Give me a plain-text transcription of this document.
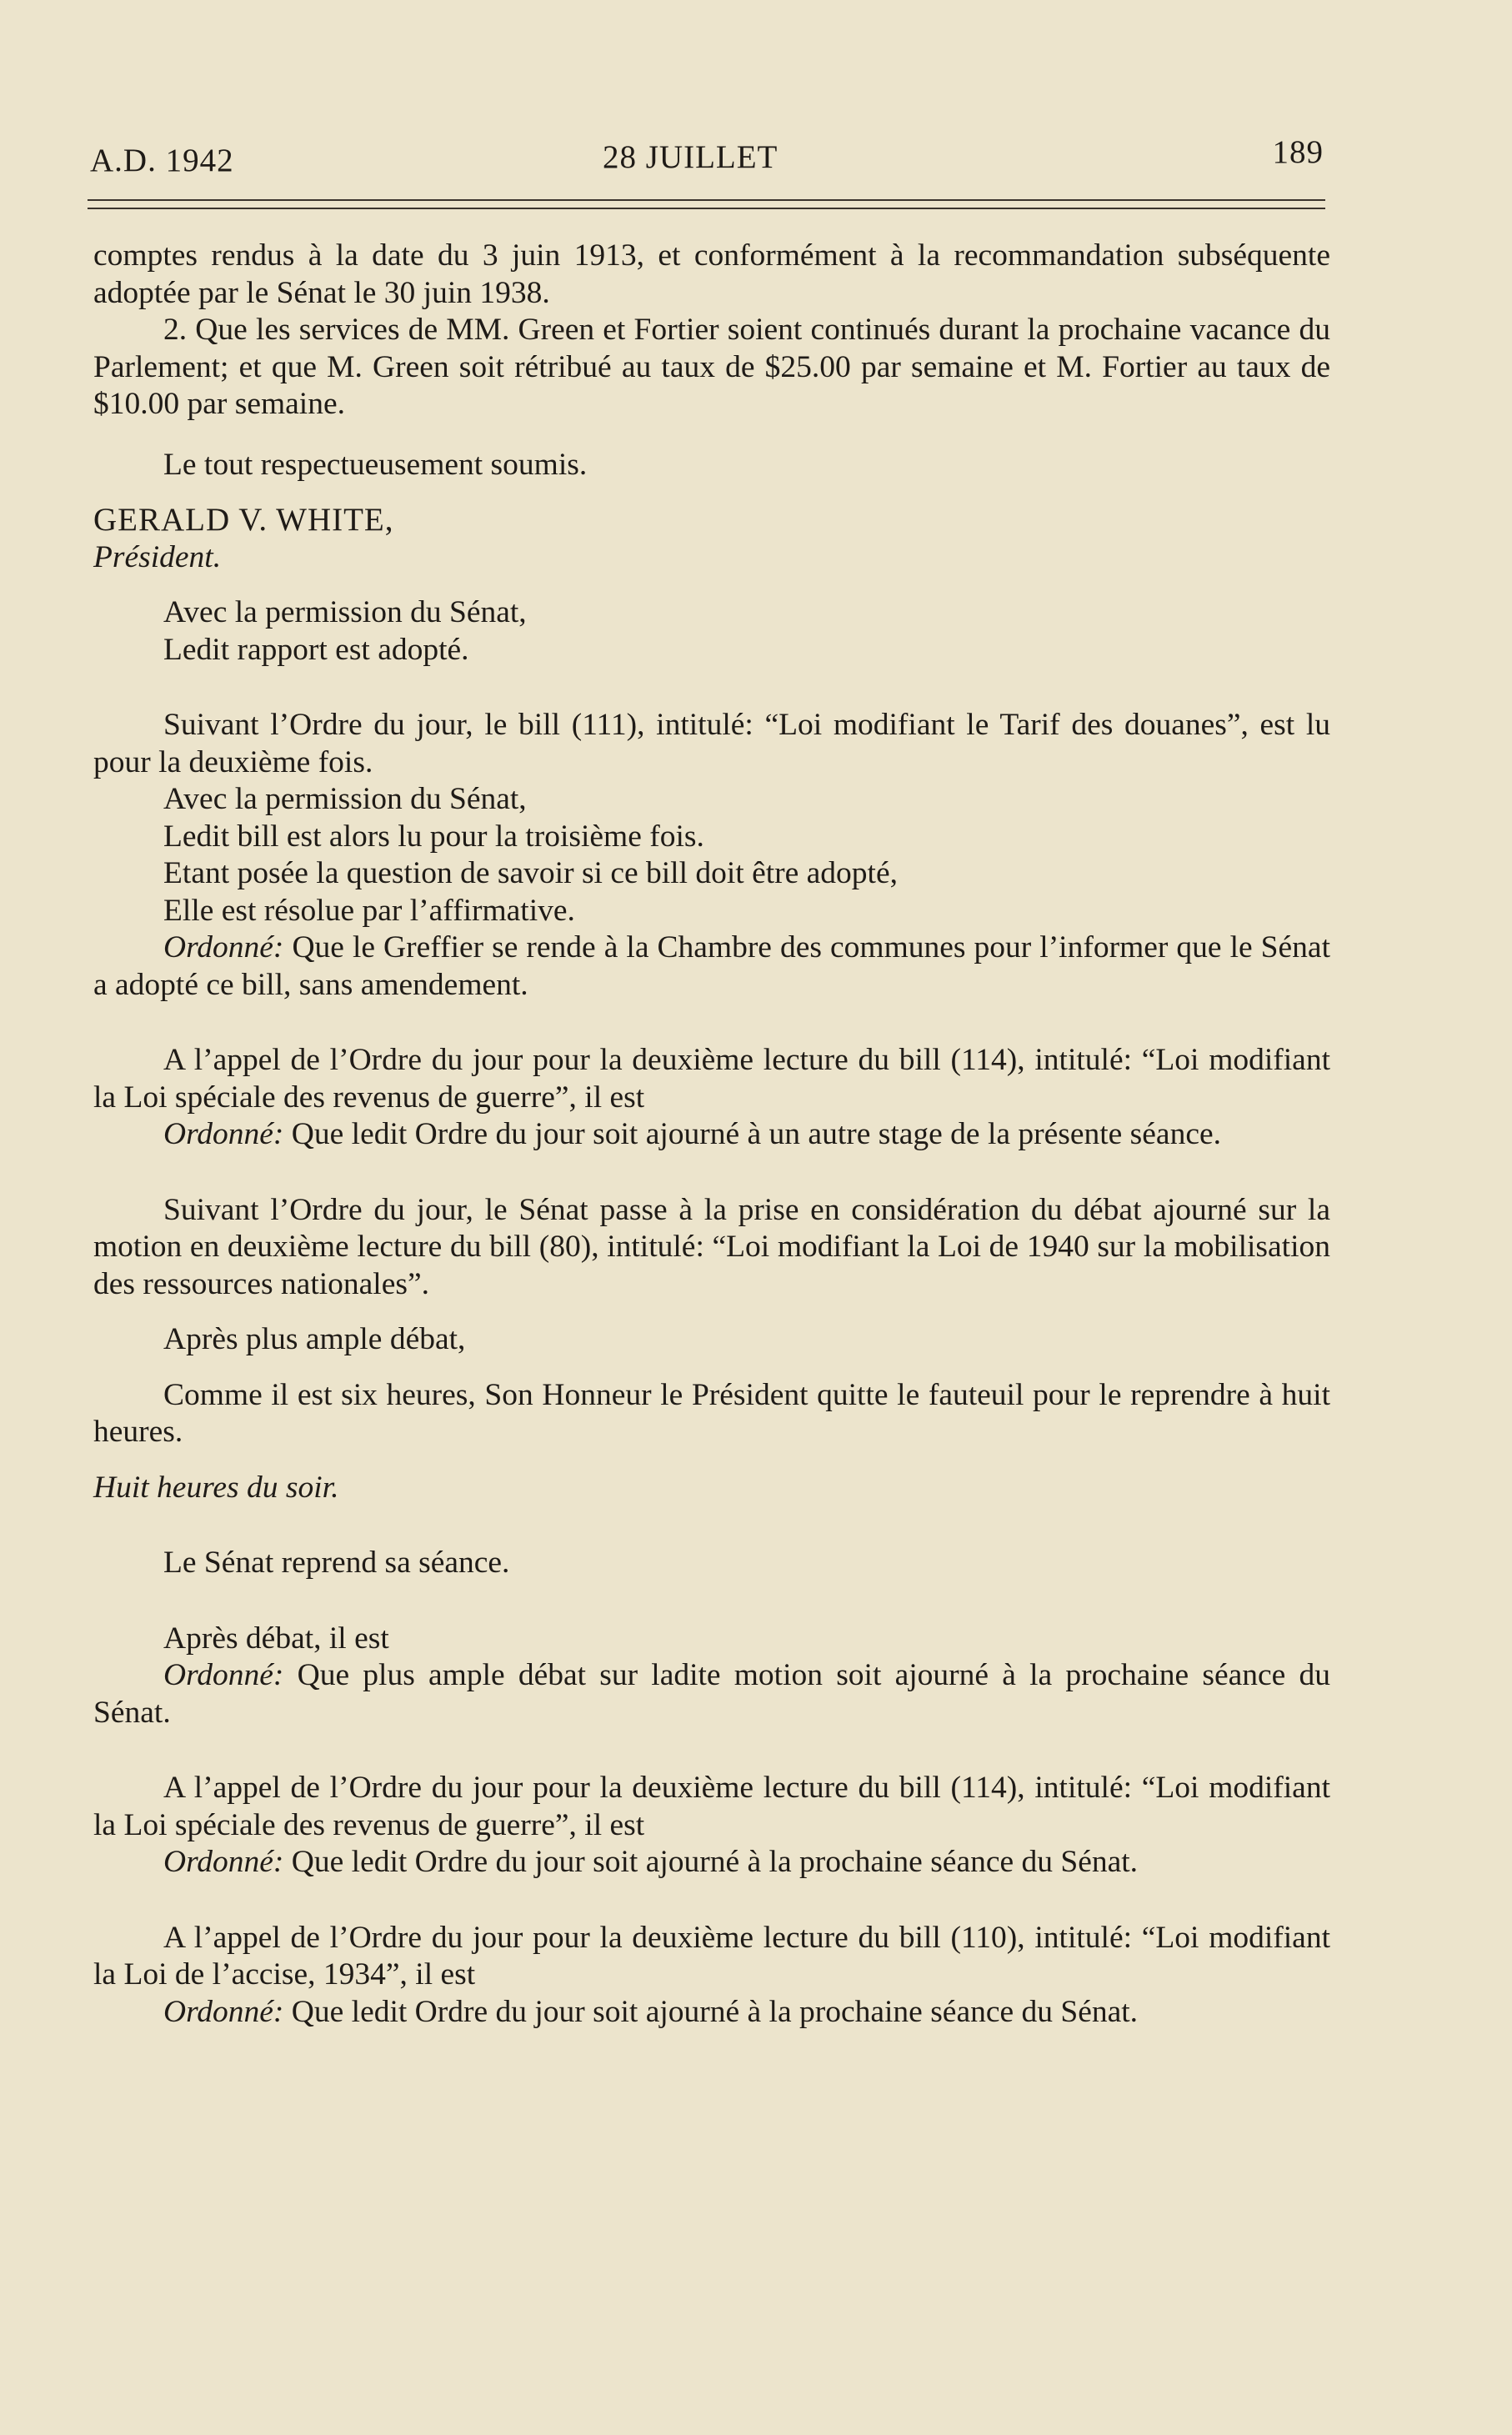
A.D. 1942	28 JUILLET	189

comptes rendus à la date du 3 juin 1913, et conformément à la recommandation subséquente adoptée par le Sénat le 30 juin 1938.

2. Que les services de MM. Green et Fortier soient continués durant la prochaine vacance du Parlement; et que M. Green soit rétribué au taux de $25.00 par semaine et M. Fortier au taux de $10.00 par semaine.

Le tout respectueusement soumis.

GERALD V. WHITE,

Président.

Avec la permission du Sénat,

Ledit rapport est adopté.

Suivant l’Ordre du jour, le bill (111), intitulé: “Loi modifiant le Tarif des douanes”, est lu pour la deuxième fois.

Avec la permission du Sénat,

Ledit bill est alors lu pour la troisième fois.

Etant posée la question de savoir si ce bill doit être adopté,

Elle est résolue par l’affirmative.

Ordonné: Que le Greffier se rende à la Chambre des communes pour l’informer que le Sénat a adopté ce bill, sans amendement.

A l’appel de l’Ordre du jour pour la deuxième lecture du bill (114), intitulé: “Loi modifiant la Loi spéciale des revenus de guerre”, il est

Ordonné: Que ledit Ordre du jour soit ajourné à un autre stage de la présente séance.

Suivant l’Ordre du jour, le Sénat passe à la prise en considération du débat ajourné sur la motion en deuxième lecture du bill (80), intitulé: “Loi modifiant la Loi de 1940 sur la mobilisation des ressources nationales”.

Après plus ample débat,

Comme il est six heures, Son Honneur le Président quitte le fauteuil pour le reprendre à huit heures.

Huit heures du soir.

Le Sénat reprend sa séance.

Après débat, il est

Ordonné: Que plus ample débat sur ladite motion soit ajourné à la prochaine séance du Sénat.

A l’appel de l’Ordre du jour pour la deuxième lecture du bill (114), intitulé: “Loi modifiant la Loi spéciale des revenus de guerre”, il est

Ordonné: Que ledit Ordre du jour soit ajourné à la prochaine séance du Sénat.

A l’appel de l’Ordre du jour pour la deuxième lecture du bill (110), intitulé: “Loi modifiant la Loi de l’accise, 1934”, il est

Ordonné: Que ledit Ordre du jour soit ajourné à la prochaine séance du Sénat.
